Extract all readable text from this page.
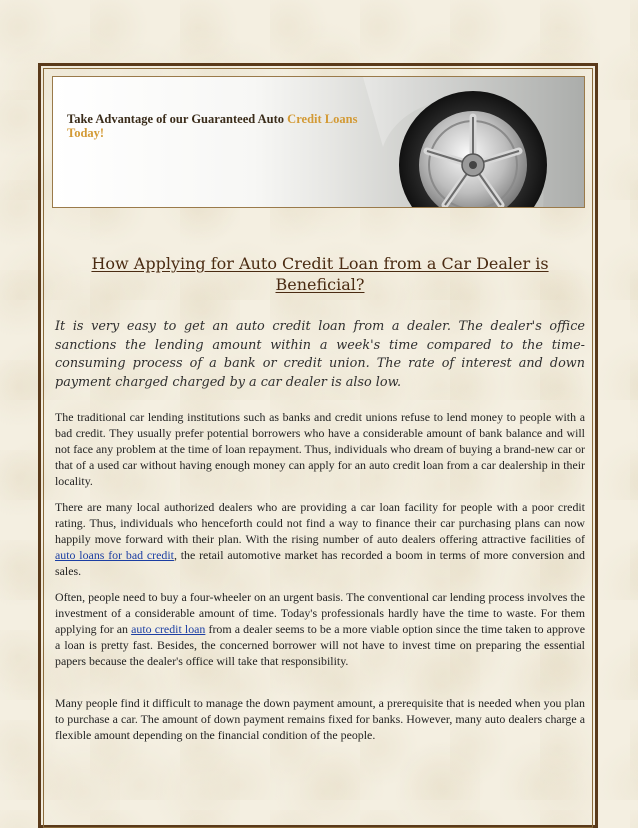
Take Advantage of our Guaranteed Auto Credit Loans
Today!
How Applying for Auto Credit Loan from a Car Dealer is Beneficial?
It is very easy to get an auto credit loan from a dealer. The dealer's office sanctions the lending amount within a week's time compared to the time-consuming process of a bank or credit union. The rate of interest and down payment charged charged by a car dealer is also low.

The traditional car lending institutions such as banks and credit unions refuse to lend money to people with a bad credit. They usually prefer potential borrowers who have a considerable amount of bank balance and will not face any problem at the time of loan repayment. Thus, individuals who dream of buying a brand-new car or that of a used car without having enough money can apply for an auto credit loan from a car dealership in their locality.

There are many local authorized dealers who are providing a car loan facility for people with a poor credit rating. Thus, individuals who henceforth could not find a way to finance their car purchasing plans can now happily move forward with their plan. With the rising number of auto dealers offering attractive facilities of auto loans for bad credit, the retail automotive market has recorded a boom in terms of more conversion and sales.

Often, people need to buy a four-wheeler on an urgent basis. The conventional car lending process involves the investment of a considerable amount of time. Today's professionals hardly have the time to waste. For them applying for an auto credit loan from a dealer seems to be a more viable option since the time taken to approve a loan is pretty fast. Besides, the concerned borrower will not have to invest time on preparing the essential papers because the dealer's office will take that responsibility.

Many people find it difficult to manage the down payment amount, a prerequisite that is needed when you plan to purchase a car. The amount of down payment remains fixed for banks. However, many auto dealers charge a flexible amount depending on the financial condition of the people.
